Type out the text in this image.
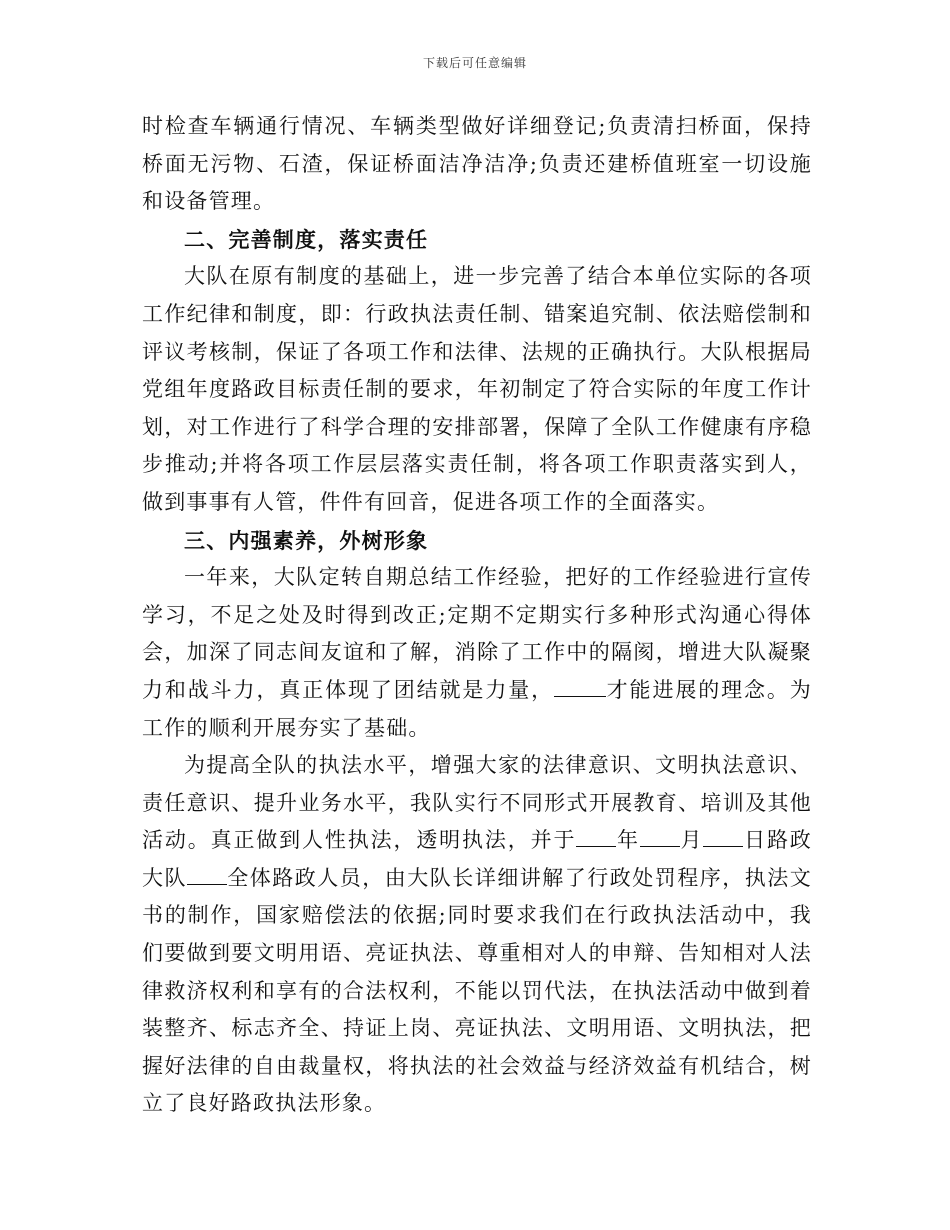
下载后可任意编辑

时检查车辆通行情况、车辆类型做好详细登记;负责清扫桥面，保持桥面无污物、石渣，保证桥面洁净洁净;负责还建桥值班室一切设施和设备管理。

二、完善制度，落实责任

大队在原有制度的基础上，进一步完善了结合本单位实际的各项工作纪律和制度，即：行政执法责任制、错案追究制、依法赔偿制和评议考核制，保证了各项工作和法律、法规的正确执行。大队根据局党组年度路政目标责任制的要求，年初制定了符合实际的年度工作计划，对工作进行了科学合理的安排部署，保障了全队工作健康有序稳步推动;并将各项工作层层落实责任制，将各项工作职责落实到人，做到事事有人管，件件有回音，促进各项工作的全面落实。

三、内强素养，外树形象

一年来，大队定转自期总结工作经验，把好的工作经验进行宣传学习，不足之处及时得到改正;定期不定期实行多种形式沟通心得体会，加深了同志间友谊和了解，消除了工作中的隔阂，增进大队凝聚力和战斗力，真正体现了团结就是力量， 才能进展的理念。为工作的顺利开展夯实了基础。

为提高全队的执法水平，增强大家的法律意识、文明执法意识、责任意识、提升业务水平，我队实行不同形式开展教育、培训及其他活动。真正做到人性执法，透明执法，并于 年 月 日路政大队 全体路政人员，由大队长详细讲解了行政处罚程序，执法文书的制作，国家赔偿法的依据;同时要求我们在行政执法活动中，我们要做到要文明用语、亮证执法、尊重相对人的申辩、告知相对人法律救济权利和享有的合法权利，不能以罚代法，在执法活动中做到着装整齐、标志齐全、持证上岗、亮证执法、文明用语、文明执法，把握好法律的自由裁量权，将执法的社会效益与经济效益有机结合，树立了良好路政执法形象。
